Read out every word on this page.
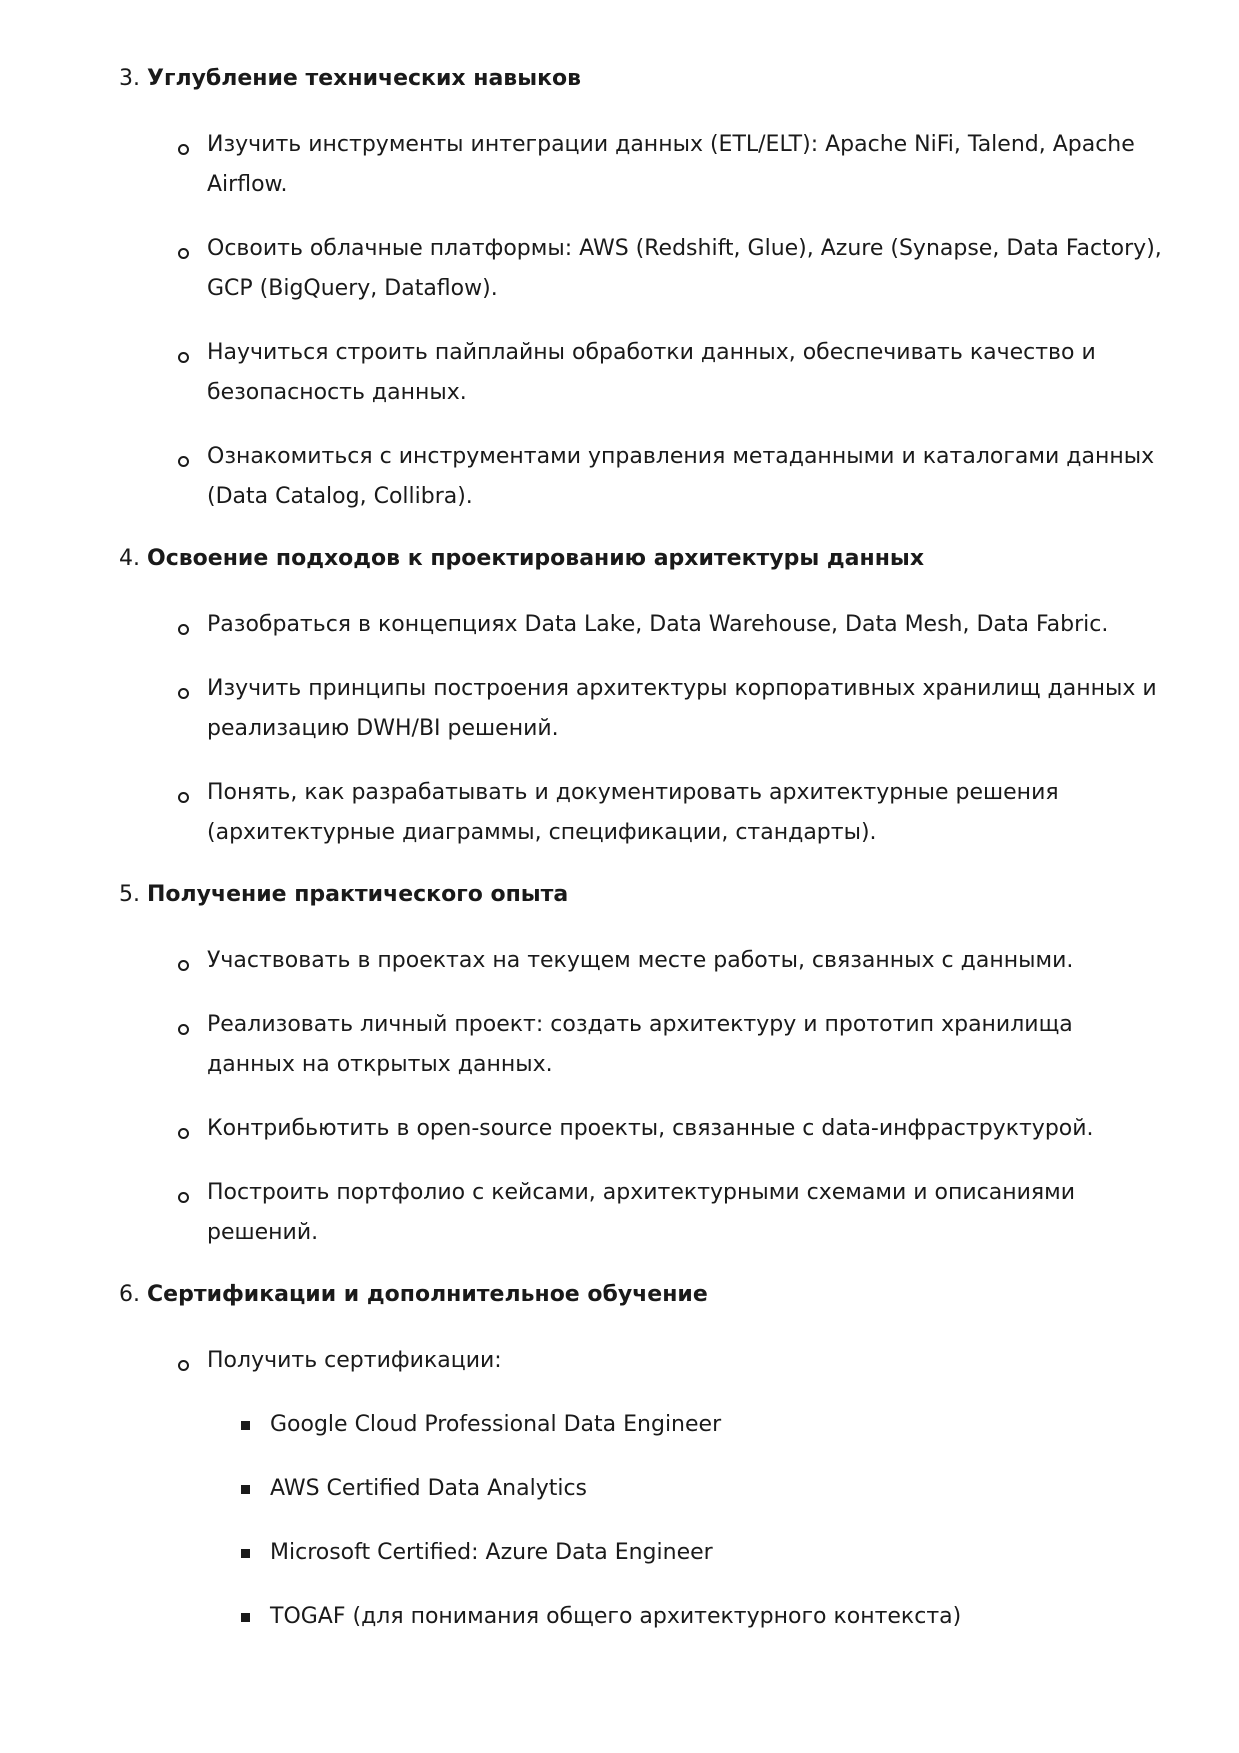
3. Углубление технических навыков
Изучить инструменты интеграции данных (ETL/ELT): Apache NiFi, Talend, Apache Airflow.
Освоить облачные платформы: AWS (Redshift, Glue), Azure (Synapse, Data Factory), GCP (BigQuery, Dataflow).
Научиться строить пайплайны обработки данных, обеспечивать качество и безопасность данных.
Ознакомиться с инструментами управления метаданными и каталогами данных (Data Catalog, Collibra).
4. Освоение подходов к проектированию архитектуры данных
Разобраться в концепциях Data Lake, Data Warehouse, Data Mesh, Data Fabric.
Изучить принципы построения архитектуры корпоративных хранилищ данных и реализацию DWH/BI решений.
Понять, как разрабатывать и документировать архитектурные решения (архитектурные диаграммы, спецификации, стандарты).
5. Получение практического опыта
Участвовать в проектах на текущем месте работы, связанных с данными.
Реализовать личный проект: создать архитектуру и прототип хранилища данных на открытых данных.
Контрибьютить в open-source проекты, связанные с data-инфраструктурой.
Построить портфолио с кейсами, архитектурными схемами и описаниями решений.
6. Сертификации и дополнительное обучение
Получить сертификации:
Google Cloud Professional Data Engineer
AWS Certified Data Analytics
Microsoft Certified: Azure Data Engineer
TOGAF (для понимания общего архитектурного контекста)
